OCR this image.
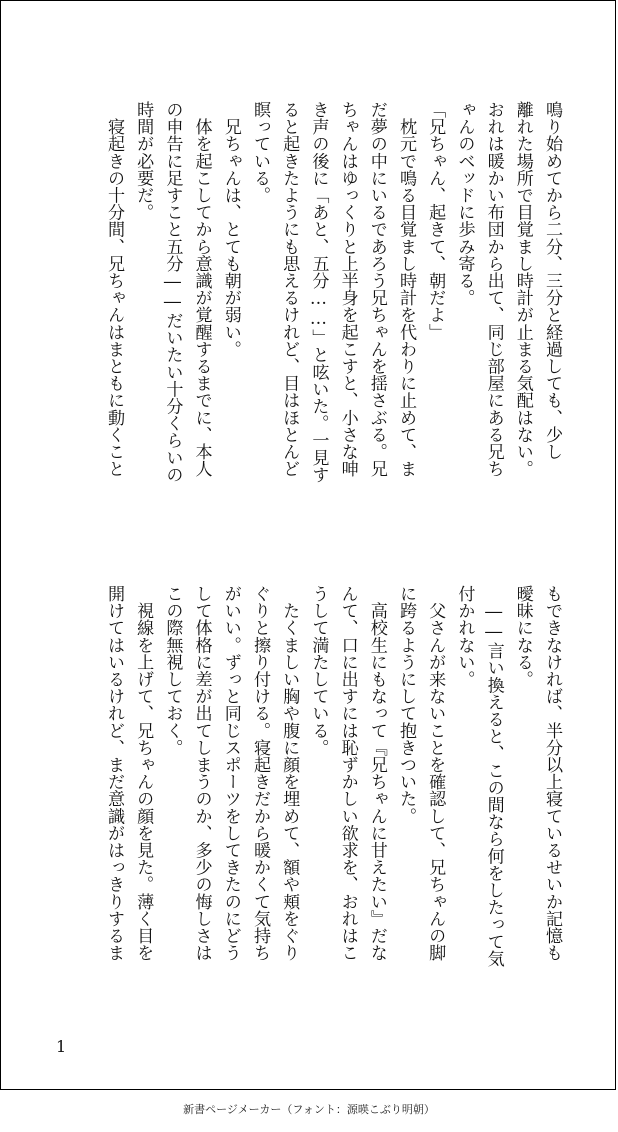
鳴り始めてから二分、三分と経過しても、少し
離れた場所で目覚まし時計が止まる気配はない。
おれは暖かい布団から出て、同じ部屋にある兄ち
ゃんのベッドに歩み寄る。
「兄ちゃん、起きて、朝だよ」
　枕元で鳴る目覚まし時計を代わりに止めて、ま
だ夢の中にいるであろう兄ちゃんを揺さぶる。兄
ちゃんはゆっくりと上半身を起こすと、小さな呻
き声の後に「あと、五分……」と呟いた。一見す
ると起きたようにも思えるけれど、目はほとんど
瞑っている。
　兄ちゃんは、とても朝が弱い。
　体を起こしてから意識が覚醒するまでに、本人
の申告に足すこと五分――だいたい十分くらいの
時間が必要だ。
　寝起きの十分間、兄ちゃんはまともに動くこと
もできなければ、半分以上寝ているせいか記憶も
曖昧になる。
　――言い換えると、この間なら何をしたって気
付かれない。
　父さんが来ないことを確認して、兄ちゃんの脚
に跨るようにして抱きついた。
　高校生にもなって『兄ちゃんに甘えたい』だな
んて、口に出すには恥ずかしい欲求を、おれはこ
うして満たしている。
　たくましい胸や腹に顔を埋めて、額や頬をぐり
ぐりと擦り付ける。寝起きだから暖かくて気持ち
がいい。ずっと同じスポーツをしてきたのにどう
して体格に差が出てしまうのか、多少の悔しさは
この際無視しておく。
　視線を上げて、兄ちゃんの顔を見た。薄く目を
開けてはいるけれど、まだ意識がはっきりするま
1
新書ページメーカー（フォント：源暎こぶり明朝）
